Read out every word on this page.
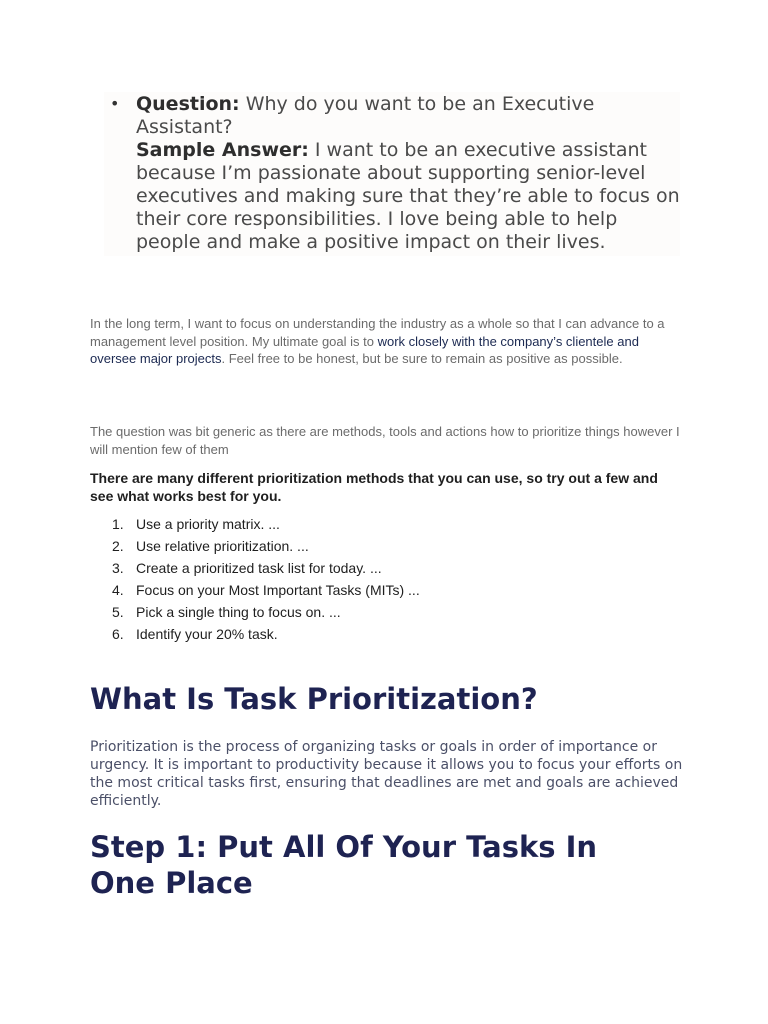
• Question: Why do you want to be an Executive Assistant?
Sample Answer: I want to be an executive assistant because I’m passionate about supporting senior-level executives and making sure that they’re able to focus on their core responsibilities. I love being able to help people and make a positive impact on their lives.
In the long term, I want to focus on understanding the industry as a whole so that I can advance to a management level position. My ultimate goal is to work closely with the company’s clientele and oversee major projects. Feel free to be honest, but be sure to remain as positive as possible.
The question was bit generic as there are methods, tools and actions how to prioritize things however I will mention few of them
There are many different prioritization methods that you can use, so try out a few and see what works best for you.
1. Use a priority matrix. ...
2. Use relative prioritization. ...
3. Create a prioritized task list for today. ...
4. Focus on your Most Important Tasks (MITs) ...
5. Pick a single thing to focus on. ...
6. Identify your 20% task.
What Is Task Prioritization?
Prioritization is the process of organizing tasks or goals in order of importance or urgency. It is important to productivity because it allows you to focus your efforts on the most critical tasks first, ensuring that deadlines are met and goals are achieved efficiently.
Step 1: Put All Of Your Tasks In One Place
